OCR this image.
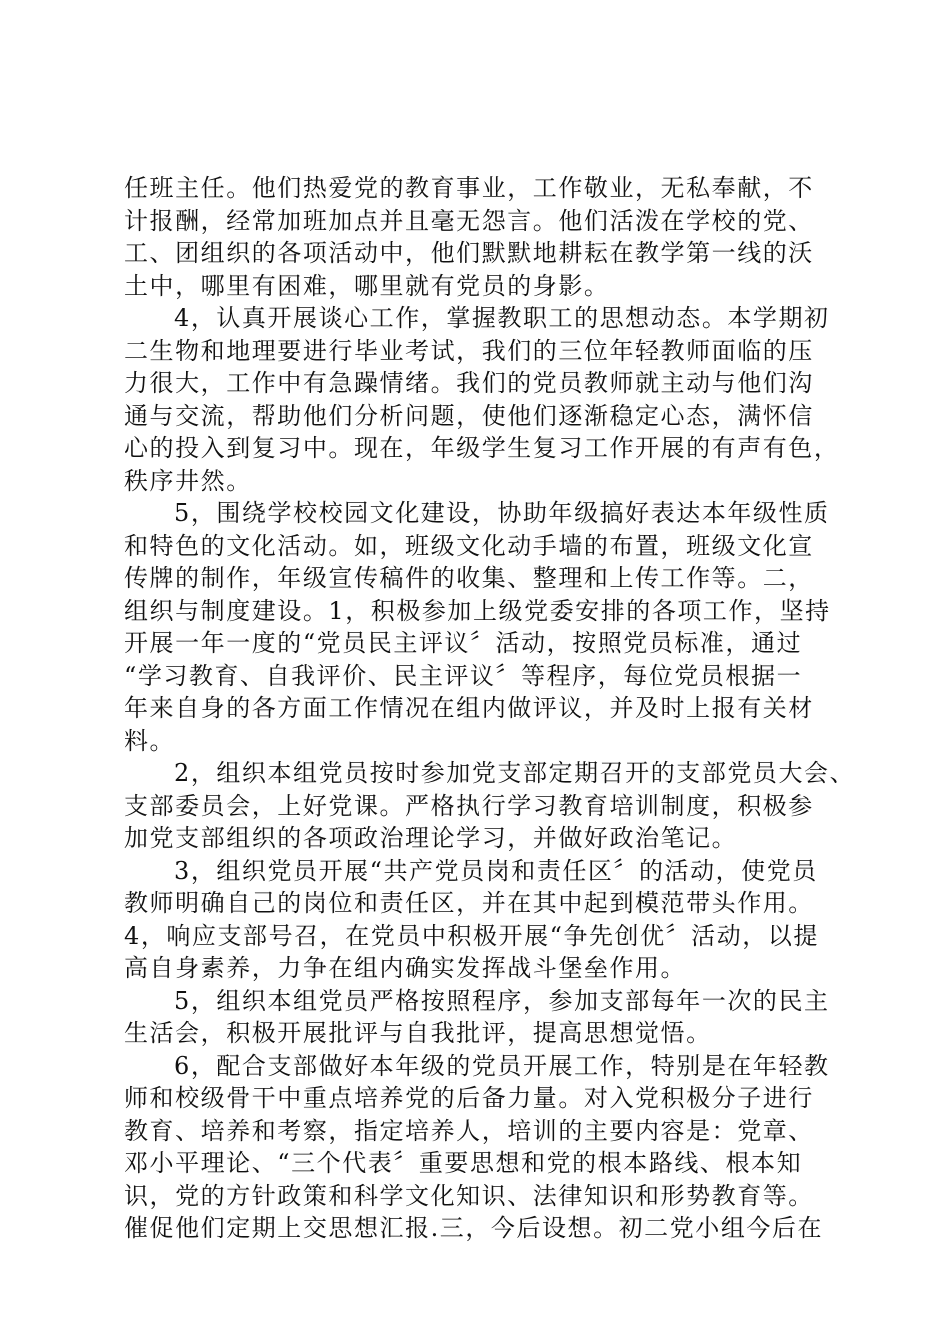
任班主任。他们热爱党的教育事业，工作敬业，无私奉献，不
计报酬，经常加班加点并且毫无怨言。他们活泼在学校的党、
工、团组织的各项活动中，他们默默地耕耘在教学第一线的沃
土中，哪里有困难，哪里就有党员的身影。
4，认真开展谈心工作，掌握教职工的思想动态。本学期初
二生物和地理要进行毕业考试，我们的三位年轻教师面临的压
力很大，工作中有急躁情绪。我们的党员教师就主动与他们沟
通与交流，帮助他们分析问题，使他们逐渐稳定心态，满怀信
心的投入到复习中。现在，年级学生复习工作开展的有声有色，
秩序井然。
5，围绕学校校园文化建设，协助年级搞好表达本年级性质
和特色的文化活动。如，班级文化动手墙的布置，班级文化宣
传牌的制作，年级宣传稿件的收集、整理和上传工作等。二，
组织与制度建设。1，积极参加上级党委安排的各项工作，坚持
开展一年一度的“党员民主评议〞活动，按照党员标准，通过
“学习教育、自我评价、民主评议〞等程序，每位党员根据一
年来自身的各方面工作情况在组内做评议，并及时上报有关材
料。
2，组织本组党员按时参加党支部定期召开的支部党员大会、
支部委员会，上好党课。严格执行学习教育培训制度，积极参
加党支部组织的各项政治理论学习，并做好政治笔记。
3，组织党员开展“共产党员岗和责任区〞的活动，使党员
教师明确自己的岗位和责任区，并在其中起到模范带头作用。
4，响应支部号召，在党员中积极开展“争先创优〞活动，以提
高自身素养，力争在组内确实发挥战斗堡垒作用。
5，组织本组党员严格按照程序，参加支部每年一次的民主
生活会，积极开展批评与自我批评，提高思想觉悟。
6，配合支部做好本年级的党员开展工作，特别是在年轻教
师和校级骨干中重点培养党的后备力量。对入党积极分子进行
教育、培养和考察，指定培养人，培训的主要内容是：党章、
邓小平理论、“三个代表〞重要思想和党的根本路线、根本知
识，党的方针政策和科学文化知识、法律知识和形势教育等。
催促他们定期上交思想汇报.三，今后设想。初二党小组今后在
